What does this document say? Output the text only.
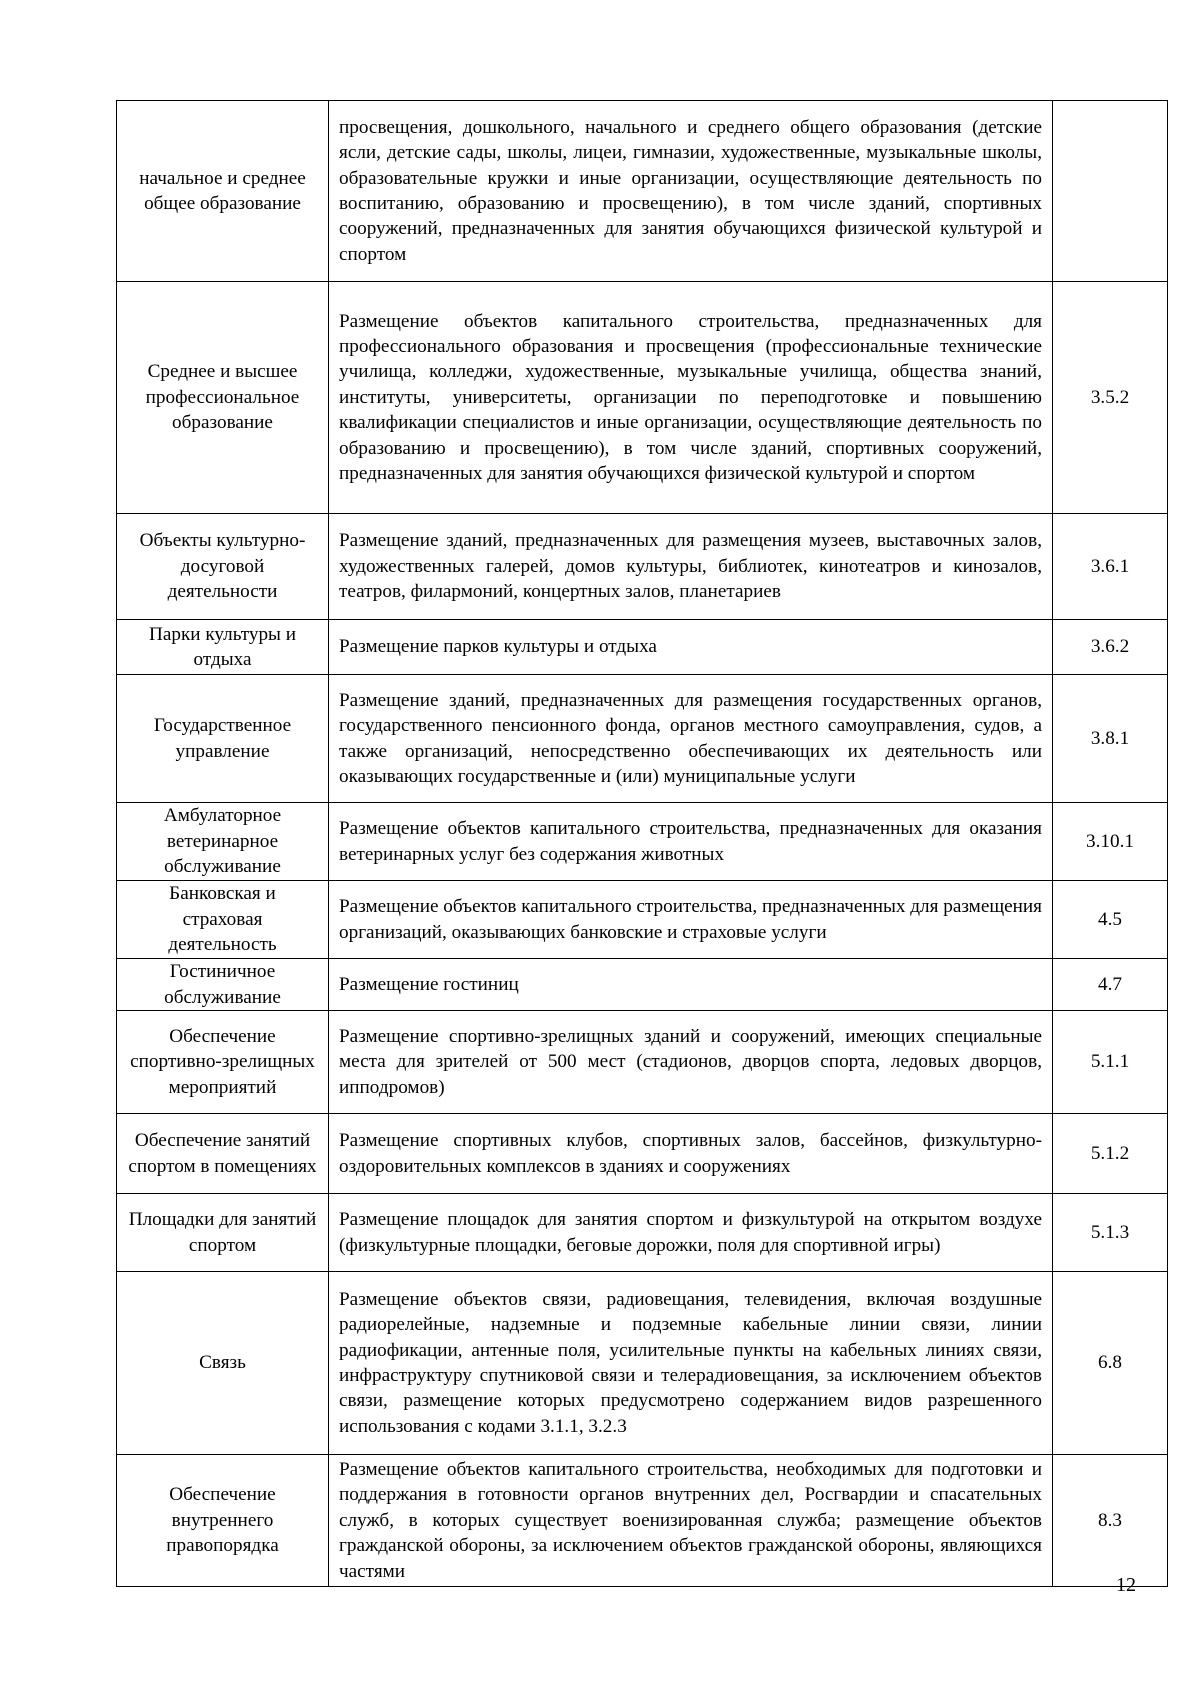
начальное и среднее общее образование	просвещения, дошкольного, начального и среднего общего образования (детские ясли, детские сады, школы, лицеи, гимназии, художественные, музыкальные школы, образовательные кружки и иные организации, осуществляющие деятельность по воспитанию, образованию и просвещению), в том числе зданий, спортивных сооружений, предназначенных для занятия обучающихся физической культурой и спортом	
Среднее и высшее профессиональное образование	Размещение объектов капитального строительства, предназначенных для профессионального образования и просвещения (профессиональные технические училища, колледжи, художественные, музыкальные училища, общества знаний, институты, университеты, организации по переподготовке и повышению квалификации специалистов и иные организации, осуществляющие деятельность по образованию и просвещению), в том числе зданий, спортивных сооружений, предназначенных для занятия обучающихся физической культурой и спортом	3.5.2
Объекты культурно-досуговой деятельности	Размещение зданий, предназначенных для размещения музеев, выставочных залов, художественных галерей, домов культуры, библиотек, кинотеатров и кинозалов, театров, филармоний, концертных залов, планетариев	3.6.1
Парки культуры и отдыха	Размещение парков культуры и отдыха	3.6.2
Государственное управление	Размещение зданий, предназначенных для размещения государственных органов, государственного пенсионного фонда, органов местного самоуправления, судов, а также организаций, непосредственно обеспечивающих их деятельность или оказывающих государственные и (или) муниципальные услуги	3.8.1
Амбулаторное ветеринарное обслуживание	Размещение объектов капитального строительства, предназначенных для оказания ветеринарных услуг без содержания животных	3.10.1
Банковская и страховая деятельность	Размещение объектов капитального строительства, предназначенных для размещения организаций, оказывающих банковские и страховые услуги	4.5
Гостиничное обслуживание	Размещение гостиниц	4.7
Обеспечение спортивно-зрелищных мероприятий	Размещение спортивно-зрелищных зданий и сооружений, имеющих специальные места для зрителей от 500 мест (стадионов, дворцов спорта, ледовых дворцов, ипподромов)	5.1.1
Обеспечение занятий спортом в помещениях	Размещение спортивных клубов, спортивных залов, бассейнов, физкультурно-оздоровительных комплексов в зданиях и сооружениях	5.1.2
Площадки для занятий спортом	Размещение площадок для занятия спортом и физкультурой на открытом воздухе (физкультурные площадки, беговые дорожки, поля для спортивной игры)	5.1.3
Связь	Размещение объектов связи, радиовещания, телевидения, включая воздушные радиорелейные, надземные и подземные кабельные линии связи, линии радиофикации, антенные поля, усилительные пункты на кабельных линиях связи, инфраструктуру спутниковой связи и телерадиовещания, за исключением объектов связи, размещение которых предусмотрено содержанием видов разрешенного использования с кодами 3.1.1, 3.2.3	6.8
Обеспечение внутреннего правопорядка	Размещение объектов капитального строительства, необходимых для подготовки и поддержания в готовности органов внутренних дел, Росгвардии и спасательных служб, в которых существует военизированная служба; размещение объектов гражданской обороны, за исключением объектов гражданской обороны, являющихся частями	8.3
12
